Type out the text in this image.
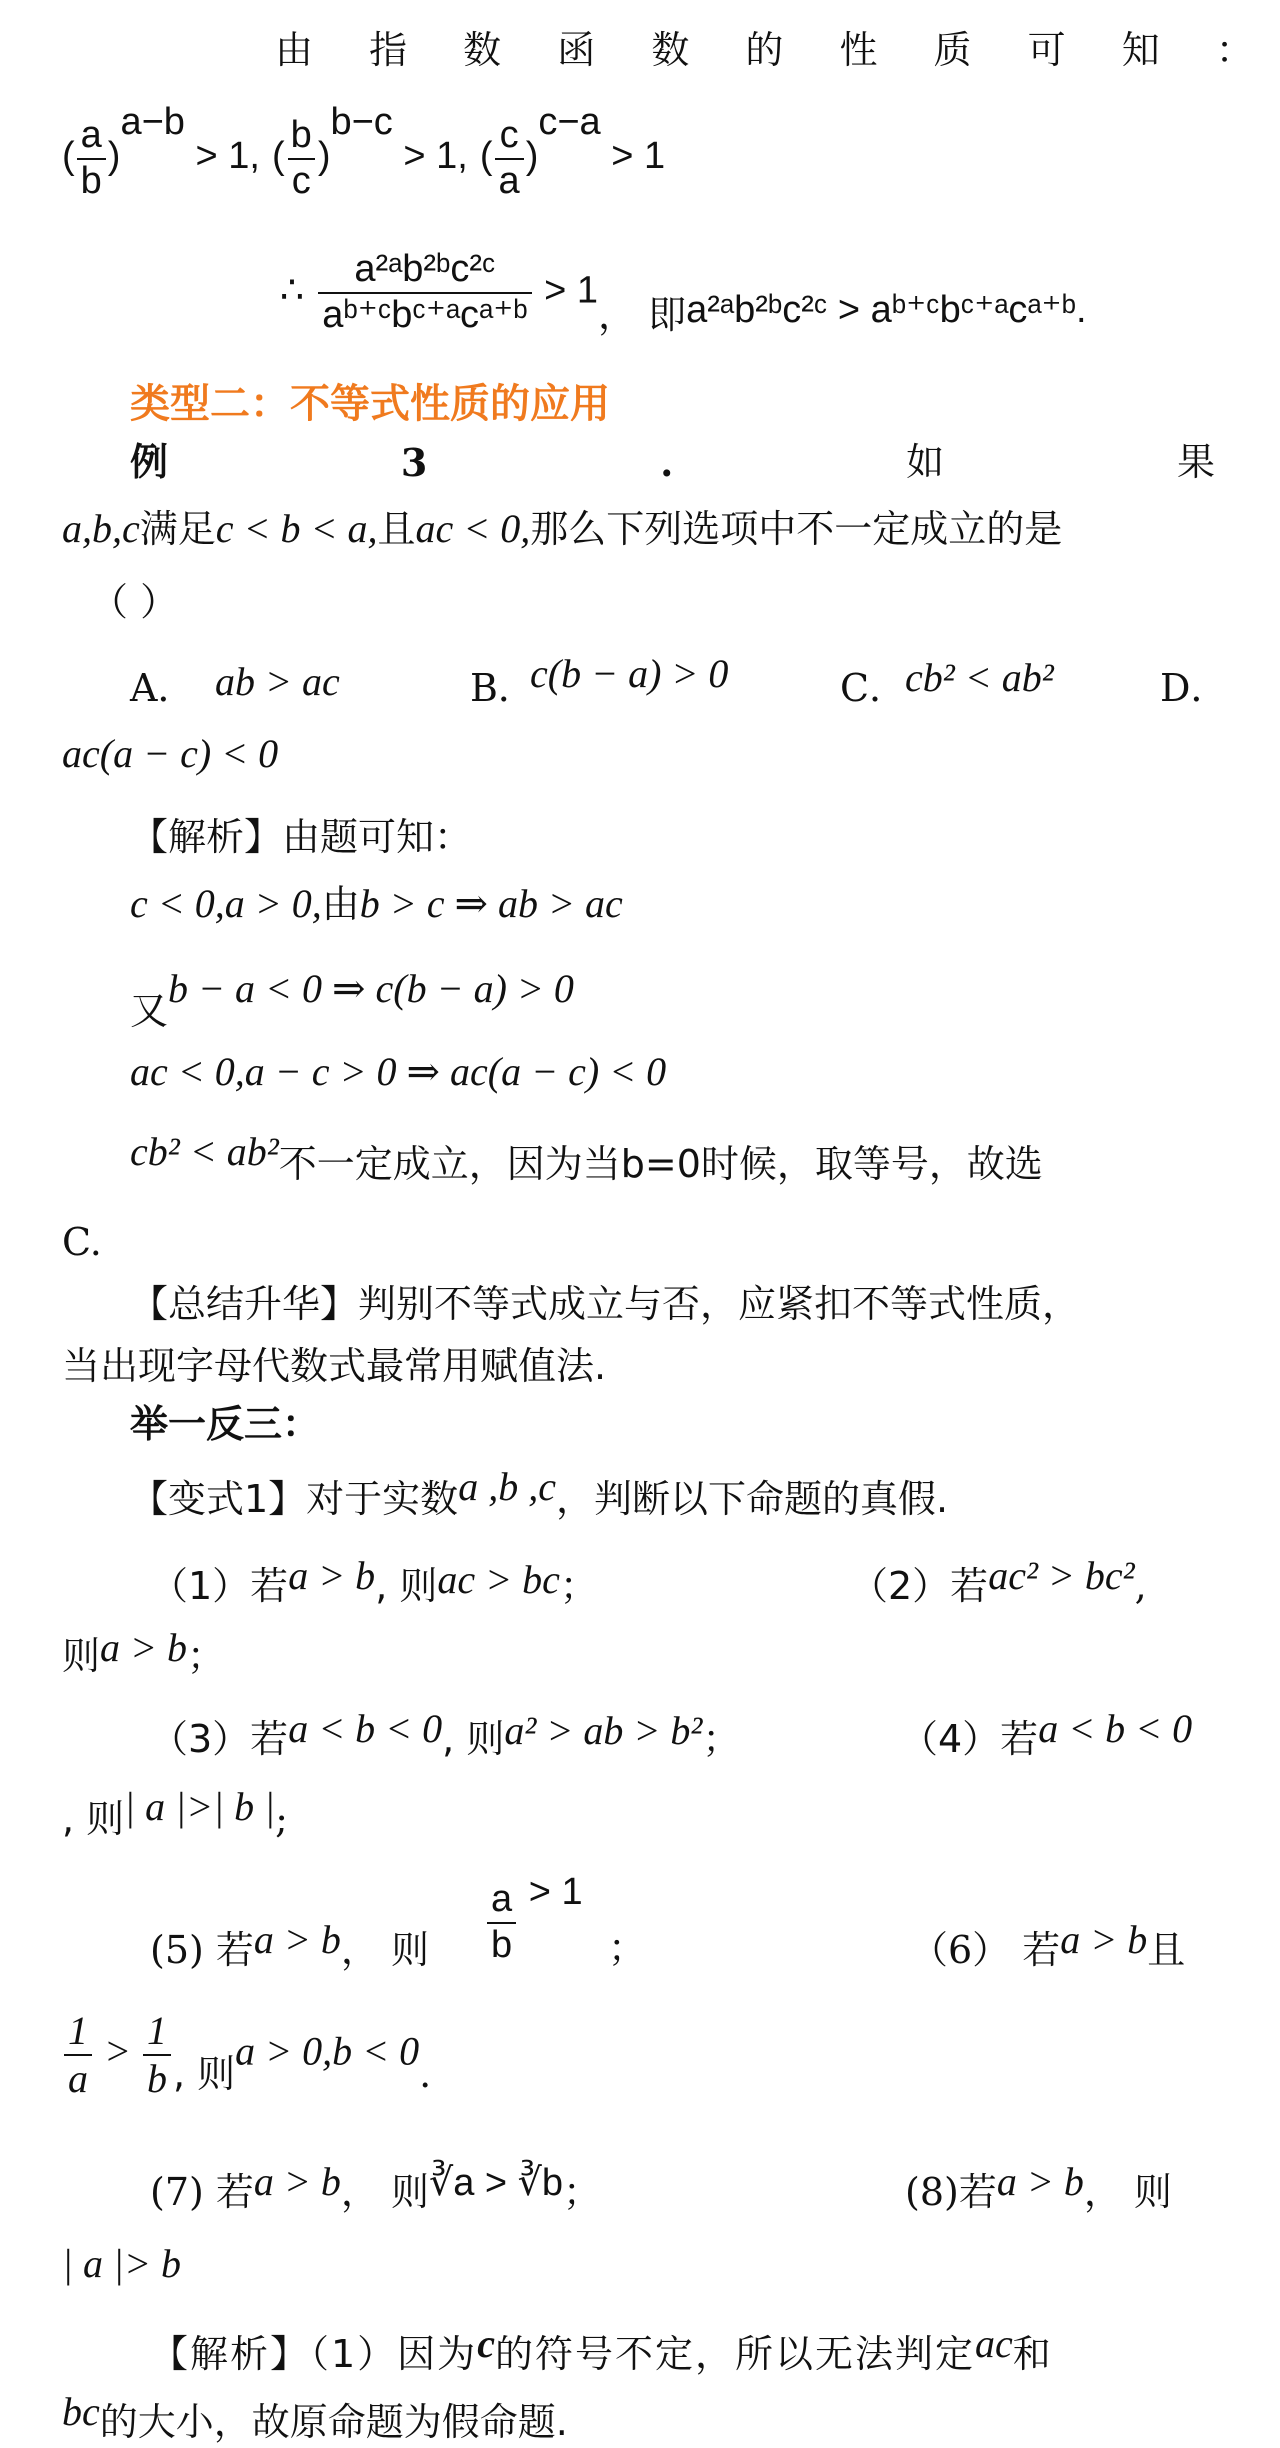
由 指 数 函 数 的 性 质 可 知 ：
( $\frac{a}{b} )^{a-b} > 1$, ( $\frac{b}{c} )^{b-c} > 1$, ( $\frac{c}{a} )^{c-a} > 1$
∴ $\frac{\text{a²ᵃb²ᵇc²ᶜ}}{\text{aᵇ⁺ᶜbᶜ⁺ᵃcᵃ⁺ᵇ}} > 1$， 即a²ᵃb²ᵇc²ᶜ > aᵇ⁺ᶜbᶜ⁺ᵃcᵃ⁺ᵇ.
类型二：不等式性质的应用
例	3	.	如	果
a,b,c满足c < b < a,且ac < 0,那么下列选项中不一定成立的是
（ ）
A． ab > ac	B．
c(b − a) > 0	C．
cb² < ab²	D．
ac(a − c) < 0
【解析】由题可知：
c < 0,a > 0,由b > c ⇒ ab > ac
又b − a < 0 ⇒ c(b − a) > 0
ac < 0,a − c > 0 ⇒ ac(a − c) < 0
cb² < ab²不一定成立，因为当b=0时候，取等号，故选
C.
【总结升华】判别不等式成立与否，应紧扣不等式性质，
当出现字母代数式最常用赋值法.
举一反三：
【变式1】对于实数a ,b ,c，判断以下命题的真假.
（1）若a > b, 则ac > bc；	（2）若ac² > bc²,
则a > b；
（3）若a < b < 0, 则a² > ab > b²；	（4）若a < b < 0
, 则| a |>| b |;
(5) 若a > b， 则 $\frac{a}{b} > 1$
；	（6） 若a > b且
$\frac{1}{a} > \frac{1}{b}$ , 则a > 0,b < 0.
(7) 若a > b， 则∛a > ∛b；	(8)若a > b， 则
| a |> b
【解析】（1）因为c的符号不定，所以无法判定ac和
bc的大小，故原命题为假命题.
